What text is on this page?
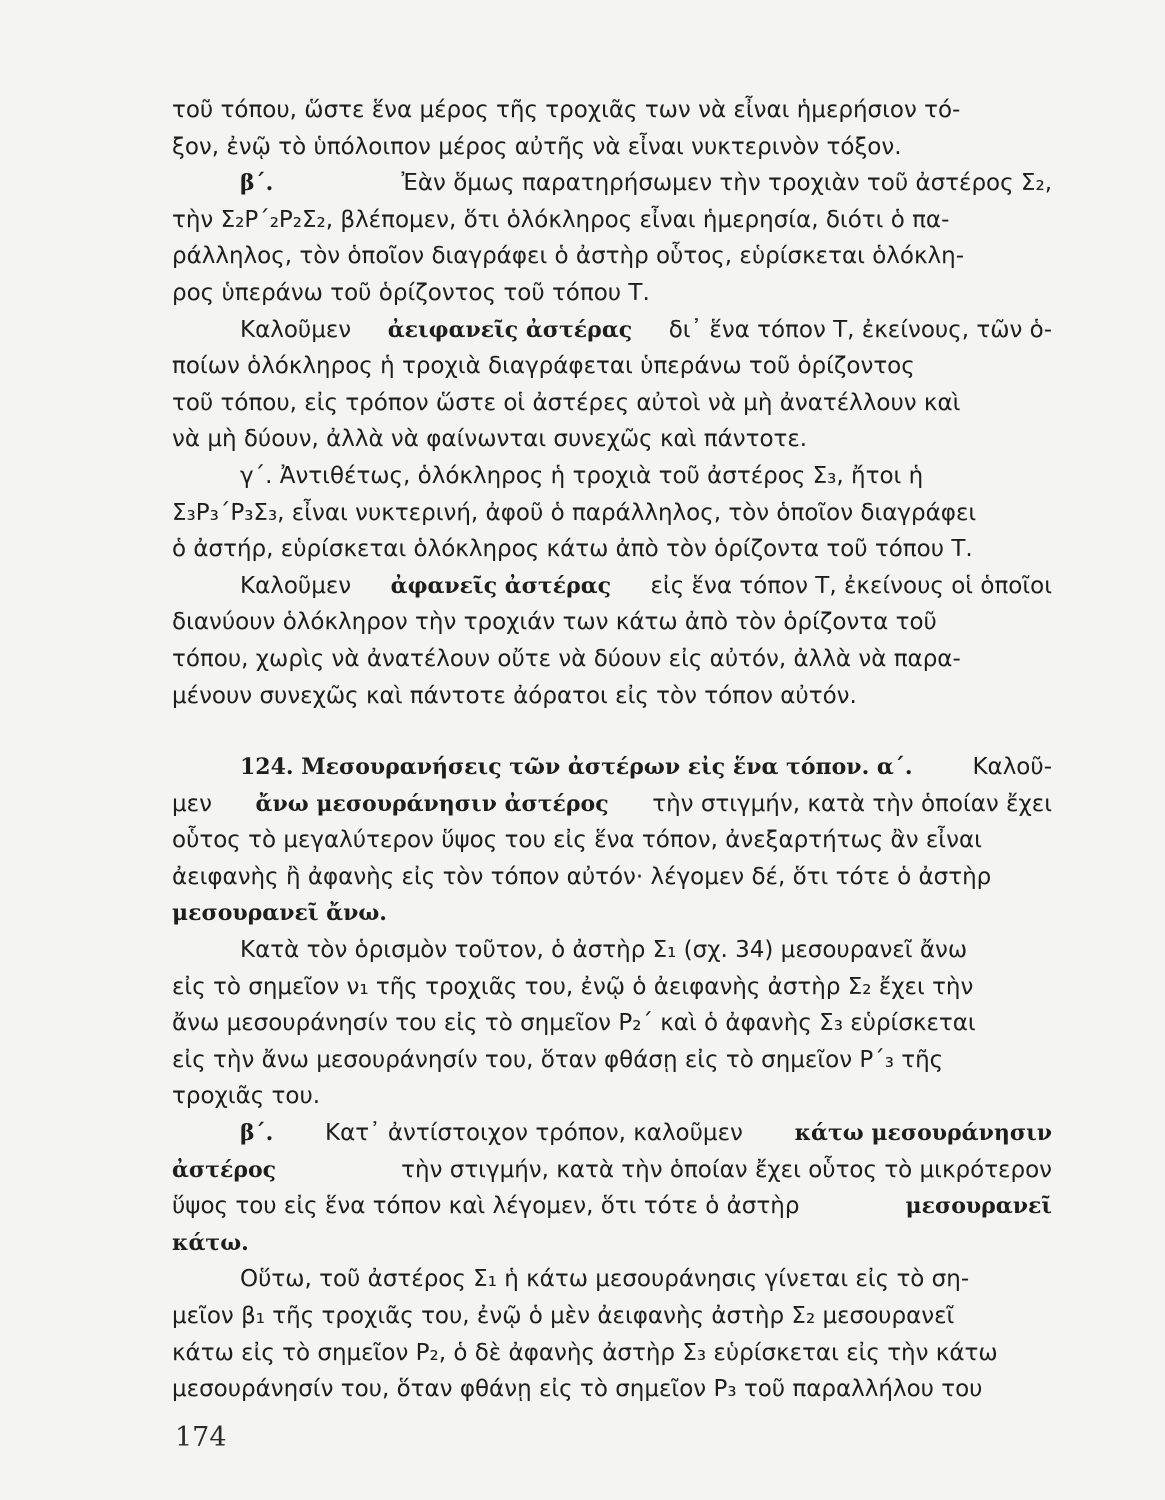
τοῦ τόπου, ὥστε ἕνα μέρος τῆς τροχιᾶς των νὰ εἶναι ἡμερήσιον τό-
ξον, ἐνῷ τὸ ὑπόλοιπον μέρος αὐτῆς νὰ εἶναι νυκτερινὸν τόξον.
β΄.	Ἐὰν ὅμως παρατηρήσωμεν τὴν τροχιὰν τοῦ ἀστέρος Σ₂,
τὴν Σ₂Ρ΄₂Ρ₂Σ₂, βλέπομεν, ὅτι ὁλόκληρος εἶναι ἡμερησία, διότι ὁ πα-
ράλληλος, τὸν ὁποῖον διαγράφει ὁ ἀστὴρ οὗτος, εὑρίσκεται ὁλόκλη-
ρος ὑπεράνω τοῦ ὁρίζοντος τοῦ τόπου Τ.
Καλοῦμεν ἀειφανεῖς ἀστέρας δι᾽ ἕνα τόπον Τ, ἐκείνους, τῶν ὁ-
ποίων ὁλόκληρος ἡ τροχιὰ διαγράφεται ὑπεράνω τοῦ ὁρίζοντος
τοῦ τόπου, εἰς τρόπον ὥστε οἱ ἀστέρες αὐτοὶ νὰ μὴ ἀνατέλλουν καὶ
νὰ μὴ δύουν, ἀλλὰ νὰ φαίνωνται συνεχῶς καὶ πάντοτε.
γ΄. Ἀντιθέτως, ὁλόκληρος ἡ τροχιὰ τοῦ ἀστέρος Σ₃, ἤτοι ἡ
Σ₃Ρ₃΄Ρ₃Σ₃, εἶναι νυκτερινή, ἀφοῦ ὁ παράλληλος, τὸν ὁποῖον διαγράφει
ὁ ἀστήρ, εὑρίσκεται ὁλόκληρος κάτω ἀπὸ τὸν ὁρίζοντα τοῦ τόπου Τ.
Καλοῦμεν ἀφανεῖς ἀστέρας εἰς ἕνα τόπον Τ, ἐκείνους οἱ ὁποῖοι
διανύουν ὁλόκληρον τὴν τροχιάν των κάτω ἀπὸ τὸν ὁρίζοντα τοῦ
τόπου, χωρὶς νὰ ἀνατέλουν οὔτε νὰ δύουν εἰς αὐτόν, ἀλλὰ νὰ παρα-
μένουν συνεχῶς καὶ πάντοτε ἀόρατοι εἰς τὸν τόπον αὐτόν.
124. Μεσουρανήσεις τῶν ἀστέρων εἰς ἕνα τόπον. α΄.	Καλοῦ-
μεν ἄνω μεσουράνησιν ἀστέρος τὴν στιγμήν, κατὰ τὴν ὁποίαν ἔχει
οὗτος τὸ μεγαλύτερον ὕψος του εἰς ἕνα τόπον, ἀνεξαρτήτως ἂν εἶναι
ἀειφανὴς ἢ ἀφανὴς εἰς τὸν τόπον αὐτόν· λέγομεν δέ, ὅτι τότε ὁ ἀστὴρ
μεσουρανεῖ ἄνω.
Κατὰ τὸν ὁρισμὸν τοῦτον, ὁ ἀστὴρ Σ₁ (σχ. 34) μεσουρανεῖ ἄνω
εἰς τὸ σημεῖον ν₁ τῆς τροχιᾶς του, ἐνῷ ὁ ἀειφανὴς ἀστὴρ Σ₂ ἔχει τὴν
ἄνω μεσουράνησίν του εἰς τὸ σημεῖον Ρ₂΄ καὶ ὁ ἀφανὴς Σ₃ εὑρίσκεται
εἰς τὴν ἄνω μεσουράνησίν του, ὅταν φθάσῃ εἰς τὸ σημεῖον Ρ΄₃ τῆς
τροχιᾶς του.
β΄. Κατ᾽ ἀντίστοιχον τρόπον, καλοῦμεν κάτω μεσουράνησιν
ἀστέρος	τὴν στιγμήν, κατὰ τὴν ὁποίαν ἔχει οὗτος τὸ μικρότερον
ὕψος του εἰς ἕνα τόπον καὶ λέγομεν, ὅτι τότε ὁ ἀστὴρ	μεσουρανεῖ
κάτω.
Οὕτω, τοῦ ἀστέρος Σ₁ ἡ κάτω μεσουράνησις γίνεται εἰς τὸ ση-
μεῖον β₁ τῆς τροχιᾶς του, ἐνῷ ὁ μὲν ἀειφανὴς ἀστὴρ Σ₂ μεσουρανεῖ
κάτω εἰς τὸ σημεῖον Ρ₂, ὁ δὲ ἀφανὴς ἀστὴρ Σ₃ εὑρίσκεται εἰς τὴν κάτω
μεσουράνησίν του, ὅταν φθάνῃ εἰς τὸ σημεῖον Ρ₃ τοῦ παραλλήλου του
174
